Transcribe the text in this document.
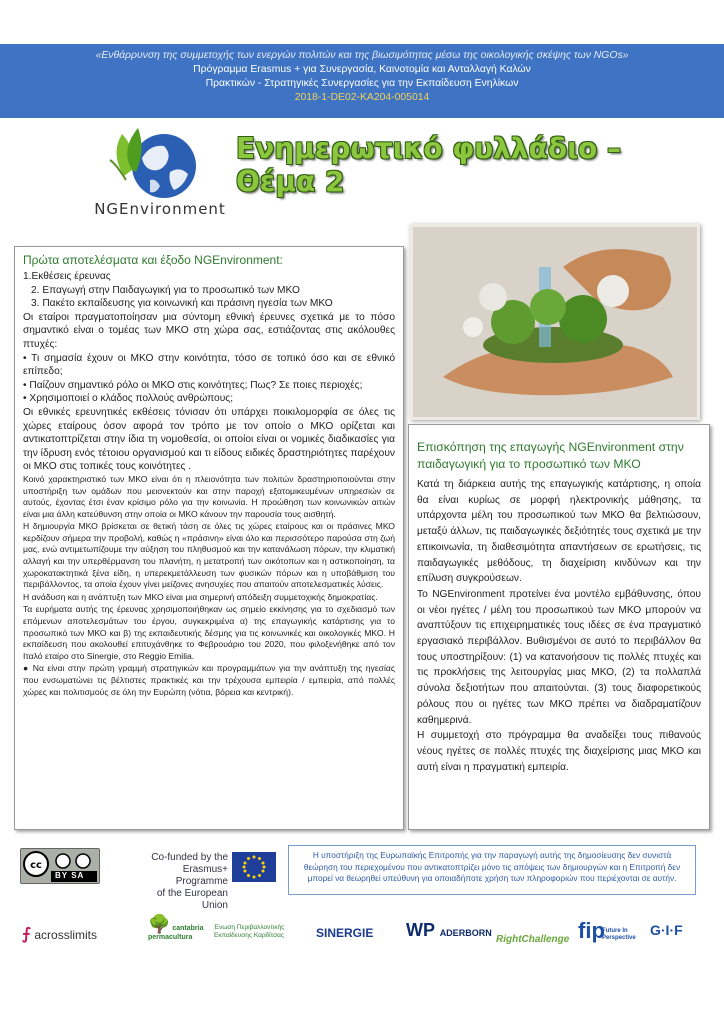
«Ενθάρρυνση της συμμετοχής των ενεργών πολιτών και της βιωσιμότητας μέσω της οικολογικής σκέψης των NGOs»
Πρόγραμμα Erasmus + για Συνεργασία, Καινοτομία και Ανταλλαγή Καλών
Πρακτικών - Στρατηγικές Συνεργασίες για την Εκπαίδευση Ενηλίκων
2018-1-DE02-KA204-005014
NGEnvironment
Ενημερωτικό φυλλάδιο – Θέμα 2
Πρώτα αποτελέσματα και έξοδο NGEnvironment:

1.Εκθέσεις έρευνας

2. Επαγωγή στην Παιδαγωγική για το προσωπικό των ΜΚΟ

3. Πακέτο εκπαίδευσης για κοινωνική και πράσινη ηγεσία των ΜΚΟ

Οι εταίροι πραγματοποίησαν μια σύντομη εθνική έρευνες σχετικά με το πόσο σημαντικό είναι ο τομέας των ΜΚΟ στη χώρα σας, εστιάζοντας στις ακόλουθες πτυχές:

• Τι σημασία έχουν οι ΜΚΟ στην κοινότητα, τόσο σε τοπικό όσο και σε εθνικό επίπεδο;

• Παίζουν σημαντικό ρόλο οι ΜΚΟ στις κοινότητες; Πως? Σε ποιες περιοχές;

• Χρησιμοποιεί ο κλάδος πολλούς ανθρώπους;

Οι εθνικές ερευνητικές εκθέσεις τόνισαν ότι υπάρχει ποικιλομορφία σε όλες τις χώρες εταίρους όσον αφορά τον τρόπο με τον οποίο ο ΜΚΟ ορίζεται και αντικατοπτρίζεται στην ίδια τη νομοθεσία, οι οποίοι είναι οι νομικές διαδικασίες για την ίδρυση ενός τέτοιου οργανισμού και τι είδους ειδικές δραστηριότητες παρέχουν οι ΜΚΟ στις τοπικές τους κοινότητες .

Κοινό χαρακτηριστικό των ΜΚΟ είναι ότι η πλειονότητα των πολιτών δραστηριοποιούνται στην υποστήριξη των ομάδων που μειονεκτούν και στην παροχή εξατομικευμένων υπηρεσιών σε αυτούς, έχοντας έτσι έναν κρίσιμο ρόλο για την κοινωνία. Η προώθηση των κοινωνικών αιτιών είναι μια άλλη κατεύθυνση στην οποία οι ΜΚΟ κάνουν την παρουσία τους αισθητή.

Η δημιουργία ΜΚΟ βρίσκεται σε θετική τάση σε όλες τις χώρες εταίρους και οι πράσινες ΜΚΟ κερδίζουν σήμερα την προβολή, καθώς η «πράσινη» είναι όλο και περισσότερο παρούσα στη ζωή μας, ενώ αντιμετωπίζουμε την αύξηση του πληθυσμού και την κατανάλωση πόρων, την κλιματική αλλαγή και την υπερθέρμανση του πλανήτη, η μετατροπή των οικότοπων και η αστικοποίηση, τα χωροκατακτητικά ξένα είδη, η υπερεκμετάλλευση των φυσικών πόρων και η υποβάθμιση του περιβάλλοντος, τα οποία έχουν γίνει μείζονες ανησυχίες που απαιτούν αποτελεσματικές λύσεις.

Η ανάδυση και η ανάπτυξη των ΜΚΟ είναι μια σημερινή απόδειξη συμμετοχικής δημοκρατίας.

Τα ευρήματα αυτής της έρευνας χρησιμοποιήθηκαν ως σημείο εκκίνησης για το σχεδιασμό των επόμενων αποτελεσμάτων του έργου, συγκεκριμένα α) της επαγωγικής κατάρτισης για το προσωπικό των ΜΚΟ και β) της εκπαιδευτικής δέσμης για τις κοινωνικές και οικολογικές ΜΚΟ. Η εκπαίδευση που ακολουθεί επιτυχάνθηκε το Φεβρουάριο του 2020, που φιλοξενήθηκε από τον Ιταλό εταίρο στο Sinergie, στο Reggio Emilia.

● Να είναι στην πρώτη γραμμή στρατηγικών και προγραμμάτων για την ανάπτυξη της ηγεσίας που ενσωματώνει τις βέλτιστες πρακτικές και την τρέχουσα εμπειρία / εμπειρία, από πολλές χώρες και πολιτισμούς σε όλη την Ευρώπη (νότια, βόρεια και κεντρική).

Επισκόπηση της επαγωγής NGEnvironment στην παιδαγωγική για το προσωπικό των ΜΚΟ

Κατά τη διάρκεια αυτής της επαγωγικής κατάρτισης, η οποία θα είναι κυρίως σε μορφή ηλεκτρονικής μάθησης, τα υπάρχοντα μέλη του προσωπικού των ΜΚΟ θα βελτιώσουν, μεταξύ άλλων, τις παιδαγωγικές δεξιότητές τους σχετικά με την επικοινωνία, τη διαθεσιμότητα απαντήσεων σε ερωτήσεις, τις παιδαγωγικές μεθόδους, τη διαχείριση κινδύνων και την επίλυση συγκρούσεων.

Το NGEnvironment προτείνει ένα μοντέλο εμβάθυνσης, όπου οι νέοι ηγέτες / μέλη του προσωπικού των ΜΚΟ μπορούν να αναπτύξουν τις επιχειρηματικές τους ιδέες σε ένα πραγματικό εργασιακό περιβάλλον. Βυθισμένοι σε αυτό το περιβάλλον θα τους υποστηρίξουν: (1) να κατανοήσουν τις πολλές πτυχές και τις προκλήσεις της λειτουργίας μιας ΜΚΟ, (2) τα πολλαπλά σύνολα δεξιοτήτων που απαιτούνται. (3) τους διαφορετικούς ρόλους που οι ηγέτες των ΜΚΟ πρέπει να διαδραματίζουν καθημερινά.

Η συμμετοχή στο πρόγραμμα θα αναδείξει τους πιθανούς νέους ηγέτες σε πολλές πτυχές της διαχείρισης μιας ΜΚΟ και αυτή είναι η πραγματική εμπειρία.

cc
BY SA
Co-funded by the
Erasmus+ Programme
of the European Union
Η υποστήριξη της Ευρωπαϊκής Επιτροπής για την παραγωγή αυτής της δημοσίευσης δεν συνιστά θεώρηση του περιεχομένου που αντικατοπτρίζει μόνο τις απόψεις των δημιουργών και η Επιτροπή δεν μπορεί να θεωρηθεί υπεύθυνη για οποιαδήποτε χρήση των πληροφοριών που περιέχονται σε αυτήν.
⨍ acrosslimits
🌳 cantabria permacultura
Ένωση Περιβαλλοντικής Εκπαίδευσης Καρδίτσας	SINERGIE WP ADERBORN
RightChallenge fip
Future In Perspective	G·I·F
